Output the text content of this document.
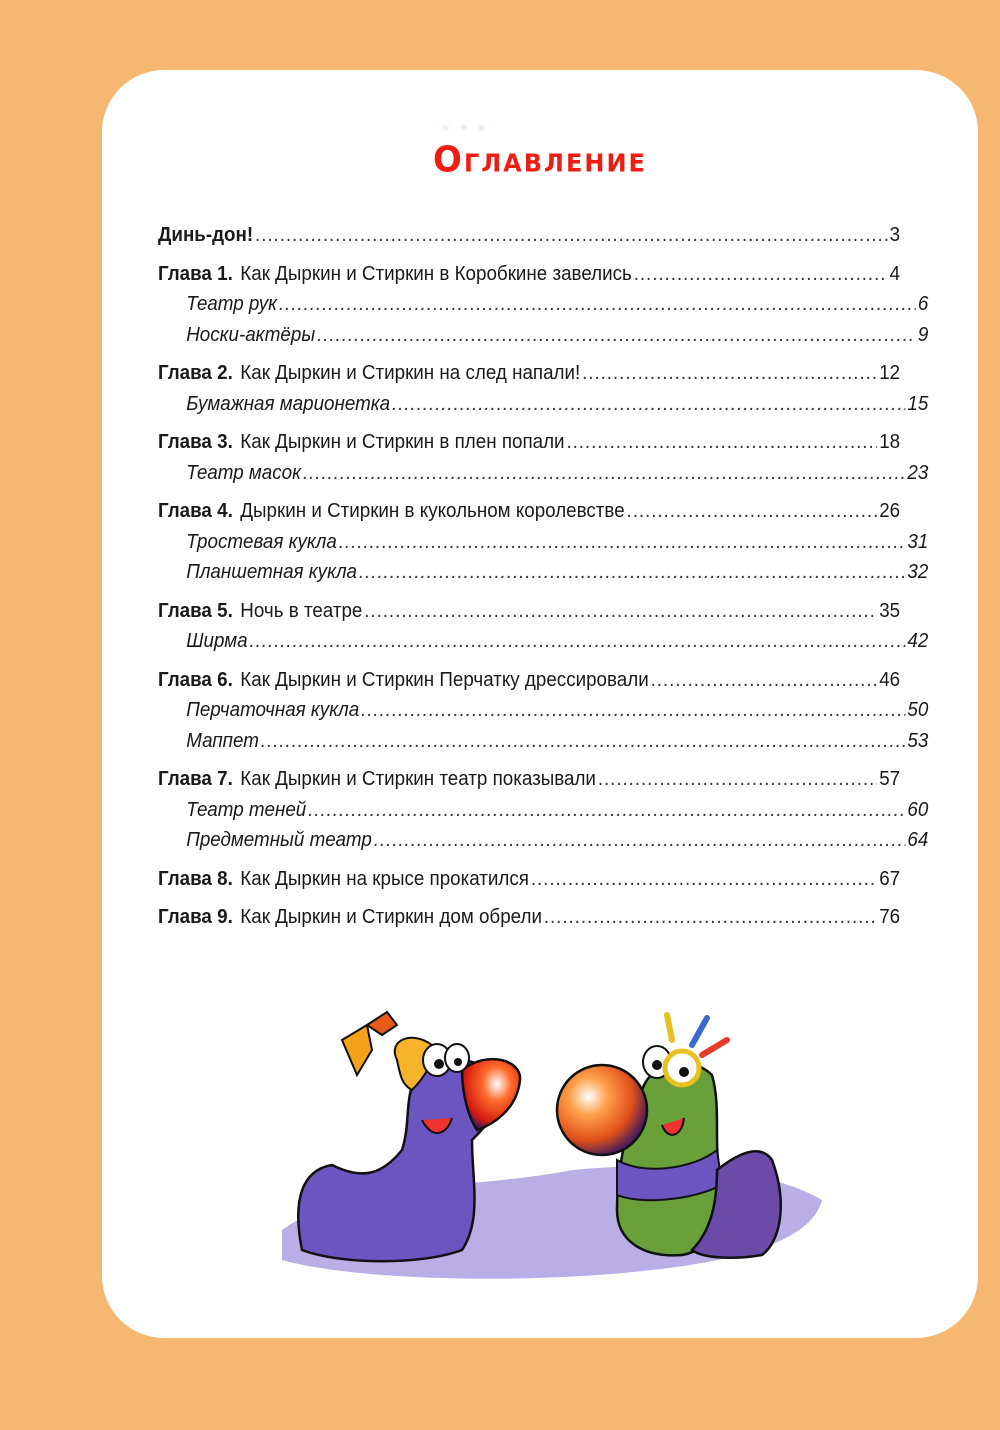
• • •
Оглавление
Динь-дон! .....	3
Глава 1. Как Дыркин и Стиркин в Коробкине завелись .....	4
Театр рук .....	6
Носки-актёры .....	9
Глава 2. Как Дыркин и Стиркин на след напали! .....	12
Бумажная марионетка .....	15
Глава 3. Как Дыркин и Стиркин в плен попали .....	18
Театр масок .....	23
Глава 4. Дыркин и Стиркин в кукольном королевстве .....	26
Тростевая кукла .....	31
Планшетная кукла .....	32
Глава 5. Ночь в театре .....	35
Ширма .....	42
Глава 6. Как Дыркин и Стиркин Перчатку дрессировали .....	46
Перчаточная кукла .....	50
Маппет .....	53
Глава 7. Как Дыркин и Стиркин театр показывали .....	57
Театр теней .....	60
Предметный театр .....	64
Глава 8. Как Дыркин на крысе прокатился .....	67
Глава 9. Как Дыркин и Стиркин дом обрели .....	76
